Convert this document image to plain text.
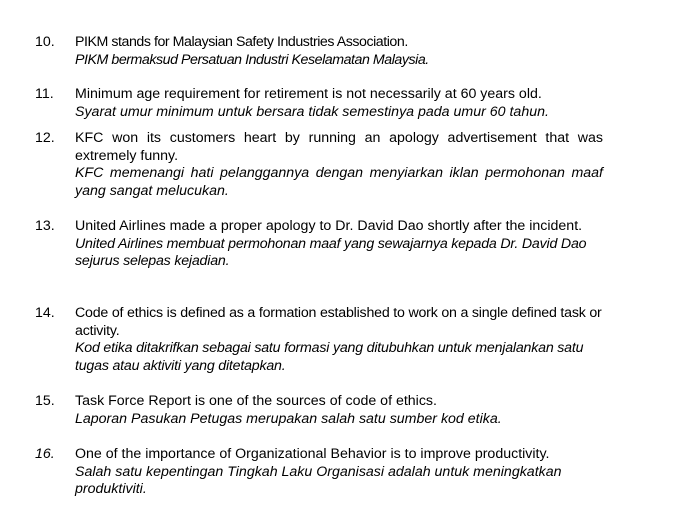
10. PIKM stands for Malaysian Safety Industries Association.
PIKM bermaksud Persatuan Industri Keselamatan Malaysia.
11. Minimum age requirement for retirement is not necessarily at 60 years old.
Syarat umur minimum untuk bersara tidak semestinya pada umur 60 tahun.
12. KFC won its customers heart by running an apology advertisement that was extremely funny.
KFC memenangi hati pelanggannya dengan menyiarkan iklan permohonan maaf yang sangat melucukan.
13. United Airlines made a proper apology to Dr. David Dao shortly after the incident.
United Airlines membuat permohonan maaf yang sewajarnya kepada Dr. David Dao sejurus selepas kejadian.
14. Code of ethics is defined as a formation established to work on a single defined task or activity.
Kod etika ditakrifkan sebagai satu formasi yang ditubuhkan untuk menjalankan satu tugas atau aktiviti yang ditetapkan.
15. Task Force Report is one of the sources of code of ethics.
Laporan Pasukan Petugas merupakan salah satu sumber kod etika.
16. One of the importance of Organizational Behavior is to improve productivity.
Salah satu kepentingan Tingkah Laku Organisasi adalah untuk meningkatkan produktiviti.
